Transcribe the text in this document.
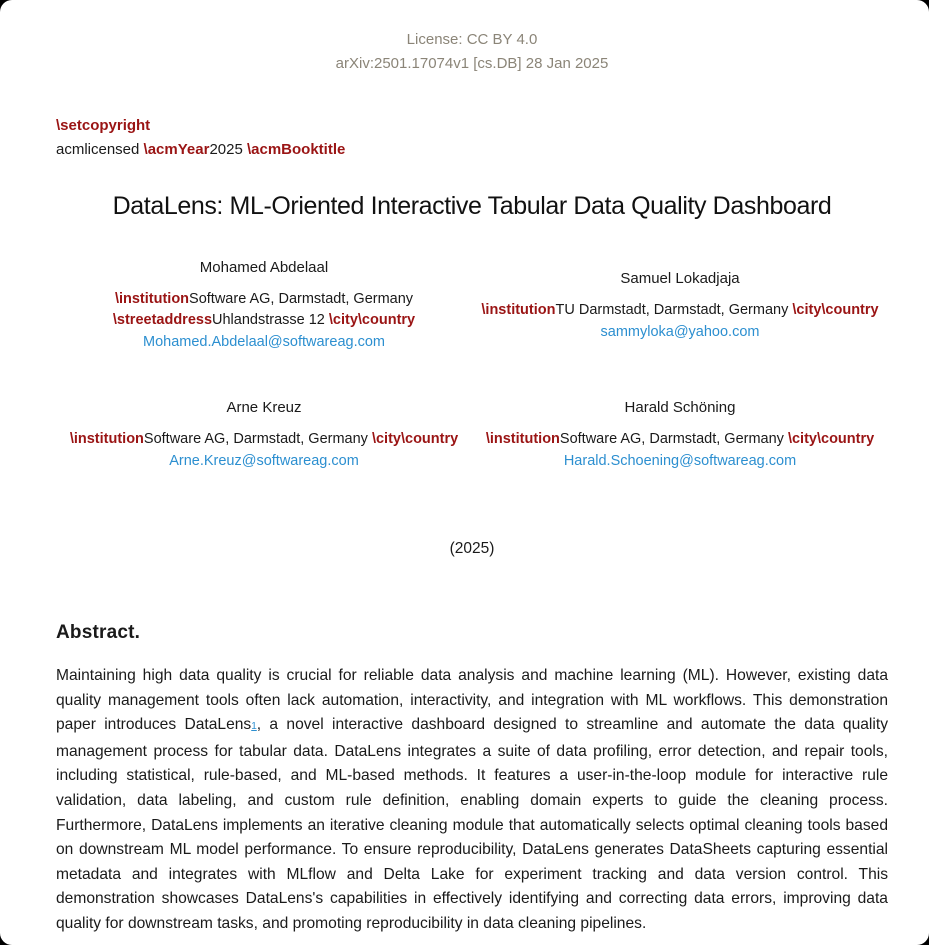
License: CC BY 4.0
arXiv:2501.17074v1 [cs.DB] 28 Jan 2025
\setcopyright
acmlicensed \acmYear2025 \acmBooktitle
DataLens: ML-Oriented Interactive Tabular Data Quality Dashboard
Mohamed Abdelaal
\institutionSoftware AG, Darmstadt, Germany
\streetaddressUhlandstrasse 12 \city\country
Mohamed.Abdelaal@softwareag.com
Samuel Lokadjaja
\institutionTU Darmstadt, Darmstadt, Germany \city\country
sammyloka@yahoo.com
Arne Kreuz
\institutionSoftware AG, Darmstadt, Germany \city\country
Arne.Kreuz@softwareag.com
Harald Schöning
\institutionSoftware AG, Darmstadt, Germany \city\country
Harald.Schoening@softwareag.com
(2025)
Abstract.

Maintaining high data quality is crucial for reliable data analysis and machine learning (ML). However, existing data quality management tools often lack automation, interactivity, and integration with ML workflows. This demonstration paper introduces DataLens1, a novel interactive dashboard designed to streamline and automate the data quality management process for tabular data. DataLens integrates a suite of data profiling, error detection, and repair tools, including statistical, rule-based, and ML-based methods. It features a user-in-the-loop module for interactive rule validation, data labeling, and custom rule definition, enabling domain experts to guide the cleaning process. Furthermore, DataLens implements an iterative cleaning module that automatically selects optimal cleaning tools based on downstream ML model performance. To ensure reproducibility, DataLens generates DataSheets capturing essential metadata and integrates with MLflow and Delta Lake for experiment tracking and data version control. This demonstration showcases DataLens's capabilities in effectively identifying and correcting data errors, improving data quality for downstream tasks, and promoting reproducibility in data cleaning pipelines.
